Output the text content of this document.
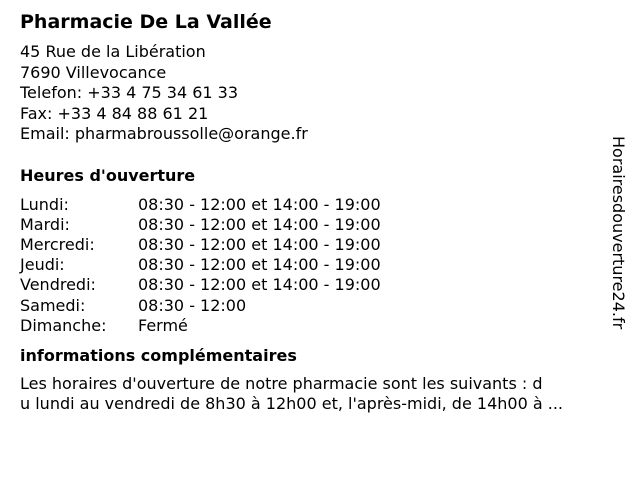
Pharmacie De La Vallée
45 Rue de la Libération
7690 Villevocance
Telefon: +33 4 75 34 61 33
Fax: +33 4 84 88 61 21
Email: pharmabroussolle@orange.fr
Heures d'ouverture
Lundi:	08:30 - 12:00 et 14:00 - 19:00
Mardi:	08:30 - 12:00 et 14:00 - 19:00
Mercredi:	08:30 - 12:00 et 14:00 - 19:00
Jeudi:	08:30 - 12:00 et 14:00 - 19:00
Vendredi:	08:30 - 12:00 et 14:00 - 19:00
Samedi:	08:30 - 12:00
Dimanche:	Fermé
informations complémentaires
Les horaires d'ouverture de notre pharmacie sont les suivants : d
u lundi au vendredi de 8h30 à 12h00 et, l'après-midi, de 14h00 à ...
Horairesdouverture24.fr
